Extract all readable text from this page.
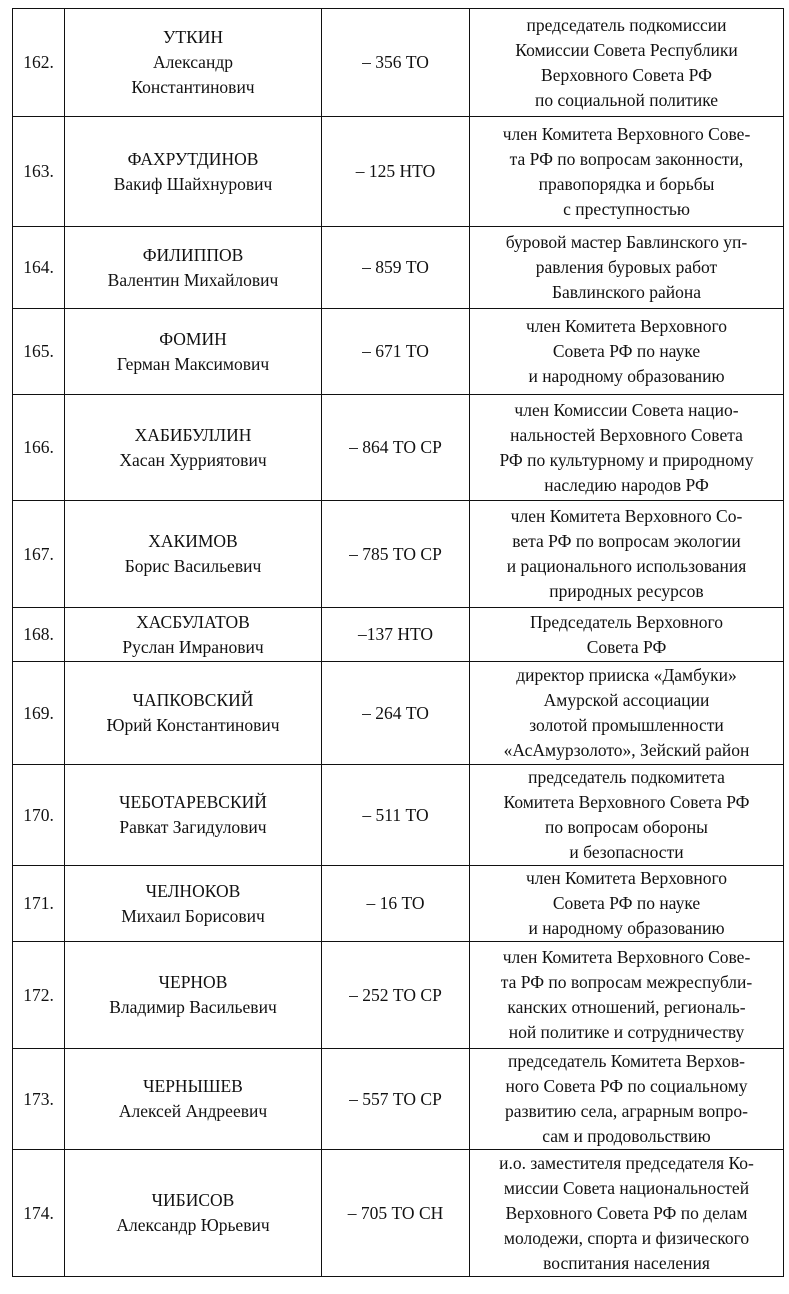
162.	УТКИН
Александр
Константинович	– 356 ТО	председатель подкомиссии
Комиссии Совета Республики
Верховного Совета РФ
по социальной политике

163.	ФАХРУТДИНОВ
Вакиф Шайхнурович	– 125 НТО	член Комитета Верховного Сове-
та РФ по вопросам законности,
правопорядка и борьбы
с преступностью

164.	ФИЛИППОВ
Валентин Михайлович	– 859 ТО	буровой мастер Бавлинского уп-
равления буровых работ
Бавлинского района

165.	ФОМИН
Герман Максимович	– 671 ТО	член Комитета Верховного
Совета РФ по науке
и народному образованию

166.	ХАБИБУЛЛИН
Хасан Хурриятович	– 864 ТО СР	член Комиссии Совета нацио-
нальностей Верховного Совета
РФ по культурному и природному
наследию народов РФ

167.	ХАКИМОВ
Борис Васильевич	– 785 ТО СР	член Комитета Верховного Со-
вета РФ по вопросам экологии
и рационального использования
природных ресурсов

168.	ХАСБУЛАТОВ
Руслан Имранович	–137 НТО	Председатель Верховного
Совета РФ

169.	ЧАПКОВСКИЙ
Юрий Константинович	– 264 ТО	директор прииска «Дамбуки»
Амурской ассоциации
золотой промышленности
«АсАмурзолото», Зейский район

170.	ЧЕБОТАРЕВСКИЙ
Равкат Загидулович	– 511 ТО	председатель подкомитета
Комитета Верховного Совета РФ
по вопросам обороны
и безопасности

171.	ЧЕЛНОКОВ
Михаил Борисович	– 16 ТО	член Комитета Верховного
Совета РФ по науке
и народному образованию

172.	ЧЕРНОВ
Владимир Васильевич	– 252 ТО СР	член Комитета Верховного Сове-
та РФ по вопросам межреспубли-
канских отношений, региональ-
ной политике и сотрудничеству

173.	ЧЕРНЫШЕВ
Алексей Андреевич	– 557 ТО СР	председатель Комитета Верхов-
ного Совета РФ по социальному
развитию села, аграрным вопро-
сам и продовольствию

174.	ЧИБИСОВ
Александр Юрьевич	– 705 ТО СН	и.о. заместителя председателя Ко-
миссии Совета национальностей
Верховного Совета РФ по делам
молодежи, спорта и физического
воспитания населения
